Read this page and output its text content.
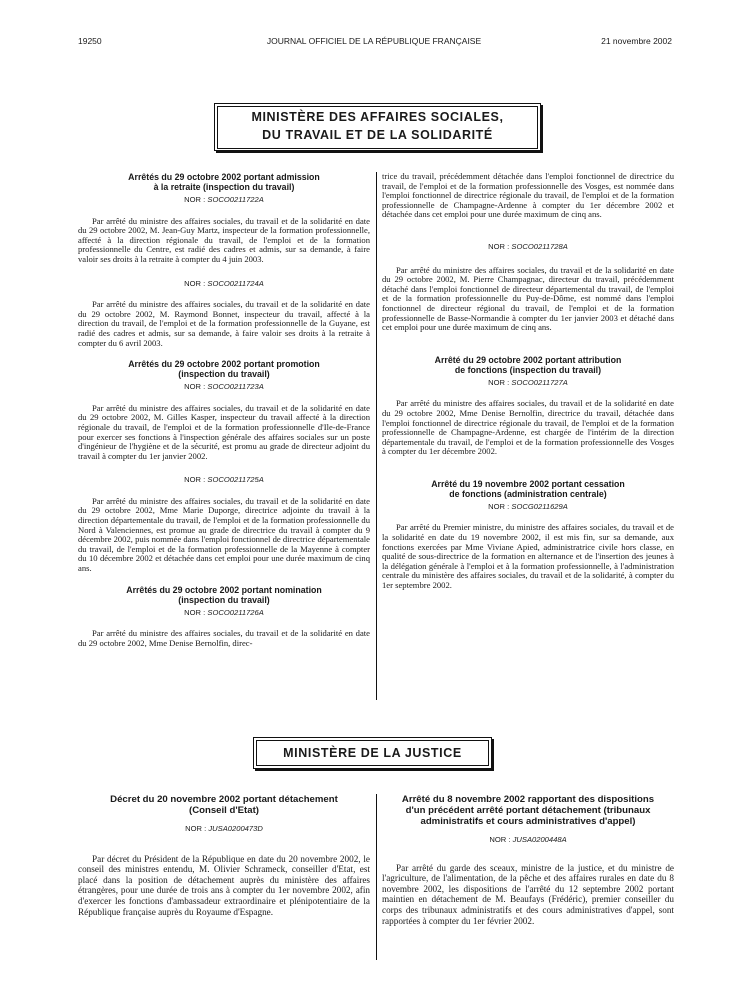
19250	JOURNAL OFFICIEL DE LA RÉPUBLIQUE FRANÇAISE	21 novembre 2002
MINISTÈRE DES AFFAIRES SOCIALES,
DU TRAVAIL ET DE LA SOLIDARITÉ
Arrêtés du 29 octobre 2002 portant admission
à la retraite (inspection du travail)
NOR : SOCO0211722A

Par arrêté du ministre des affaires sociales, du travail et de la solidarité en date du 29 octobre 2002, M. Jean-Guy Martz, inspecteur de la formation professionnelle, affecté à la direction régionale du travail, de l'emploi et de la formation professionnelle du Centre, est radié des cadres et admis, sur sa demande, à faire valoir ses droits à la retraite à compter du 4 juin 2003.

NOR : SOCO0211724A

Par arrêté du ministre des affaires sociales, du travail et de la solidarité en date du 29 octobre 2002, M. Raymond Bonnet, inspecteur du travail, affecté à la direction du travail, de l'emploi et de la formation professionnelle de la Guyane, est radié des cadres et admis, sur sa demande, à faire valoir ses droits à la retraite à compter du 6 avril 2003.

Arrêtés du 29 octobre 2002 portant promotion
(inspection du travail)
NOR : SOCO0211723A

Par arrêté du ministre des affaires sociales, du travail et de la solidarité en date du 29 octobre 2002, M. Gilles Kasper, inspecteur du travail affecté à la direction régionale du travail, de l'emploi et de la formation professionnelle d'Ile-de-France pour exercer ses fonctions à l'inspection générale des affaires sociales sur un poste d'ingénieur de l'hygiène et de la sécurité, est promu au grade de directeur adjoint du travail à compter du 1er janvier 2002.

NOR : SOCO0211725A

Par arrêté du ministre des affaires sociales, du travail et de la solidarité en date du 29 octobre 2002, Mme Marie Duporge, directrice adjointe du travail à la direction départementale du travail, de l'emploi et de la formation professionnelle du Nord à Valenciennes, est promue au grade de directrice du travail à compter du 9 décembre 2002, puis nommée dans l'emploi fonctionnel de directrice départementale du travail, de l'emploi et de la formation professionnelle de la Mayenne à compter du 10 décembre 2002 et détachée dans cet emploi pour une durée maximum de cinq ans.

Arrêtés du 29 octobre 2002 portant nomination
(inspection du travail)
NOR : SOCO0211726A

Par arrêté du ministre des affaires sociales, du travail et de la solidarité en date du 29 octobre 2002, Mme Denise Bernolfin, direc-

trice du travail, précédemment détachée dans l'emploi fonctionnel de directrice du travail, de l'emploi et de la formation professionnelle des Vosges, est nommée dans l'emploi fonctionnel de directrice régionale du travail, de l'emploi et de la formation professionnelle de Champagne-Ardenne à compter du 1er décembre 2002 et détachée dans cet emploi pour une durée maximum de cinq ans.

NOR : SOCO0211728A

Par arrêté du ministre des affaires sociales, du travail et de la solidarité en date du 29 octobre 2002, M. Pierre Champagnac, directeur du travail, précédemment détaché dans l'emploi fonctionnel de directeur départemental du travail, de l'emploi et de la formation professionnelle du Puy-de-Dôme, est nommé dans l'emploi fonctionnel de directeur régional du travail, de l'emploi et de la formation professionnelle de Basse-Normandie à compter du 1er janvier 2003 et détaché dans cet emploi pour une durée maximum de cinq ans.

Arrêté du 29 octobre 2002 portant attribution
de fonctions (inspection du travail)
NOR : SOCO0211727A

Par arrêté du ministre des affaires sociales, du travail et de la solidarité en date du 29 octobre 2002, Mme Denise Bernolfin, directrice du travail, détachée dans l'emploi fonctionnel de directrice régionale du travail, de l'emploi et de la formation professionnelle de Champagne-Ardenne, est chargée de l'intérim de la direction départementale du travail, de l'emploi et de la formation professionnelle des Vosges à compter du 1er décembre 2002.

Arrêté du 19 novembre 2002 portant cessation
de fonctions (administration centrale)
NOR : SOCG0211629A

Par arrêté du Premier ministre, du ministre des affaires sociales, du travail et de la solidarité en date du 19 novembre 2002, il est mis fin, sur sa demande, aux fonctions exercées par Mme Viviane Apied, administratrice civile hors classe, en qualité de sous-directrice de la formation en alternance et de l'insertion des jeunes à la délégation générale à l'emploi et à la formation professionnelle, à l'administration centrale du ministère des affaires sociales, du travail et de la solidarité, à compter du 1er septembre 2002.

MINISTÈRE DE LA JUSTICE
Décret du 20 novembre 2002 portant détachement
(Conseil d'Etat)
NOR : JUSA0200473D

Par décret du Président de la République en date du 20 novembre 2002, le conseil des ministres entendu, M. Olivier Schrameck, conseiller d'Etat, est placé dans la position de détachement auprès du ministère des affaires étrangères, pour une durée de trois ans à compter du 1er novembre 2002, afin d'exercer les fonctions d'ambassadeur extraordinaire et plénipotentiaire de la République française auprès du Royaume d'Espagne.

Arrêté du 8 novembre 2002 rapportant des dispositions
d'un précédent arrêté portant détachement (tribunaux
administratifs et cours administratives d'appel)
NOR : JUSA0200448A

Par arrêté du garde des sceaux, ministre de la justice, et du ministre de l'agriculture, de l'alimentation, de la pêche et des affaires rurales en date du 8 novembre 2002, les dispositions de l'arrêté du 12 septembre 2002 portant maintien en détachement de M. Beaufays (Frédéric), premier conseiller du corps des tribunaux administratifs et des cours administratives d'appel, sont rapportées à compter du 1er février 2002.
